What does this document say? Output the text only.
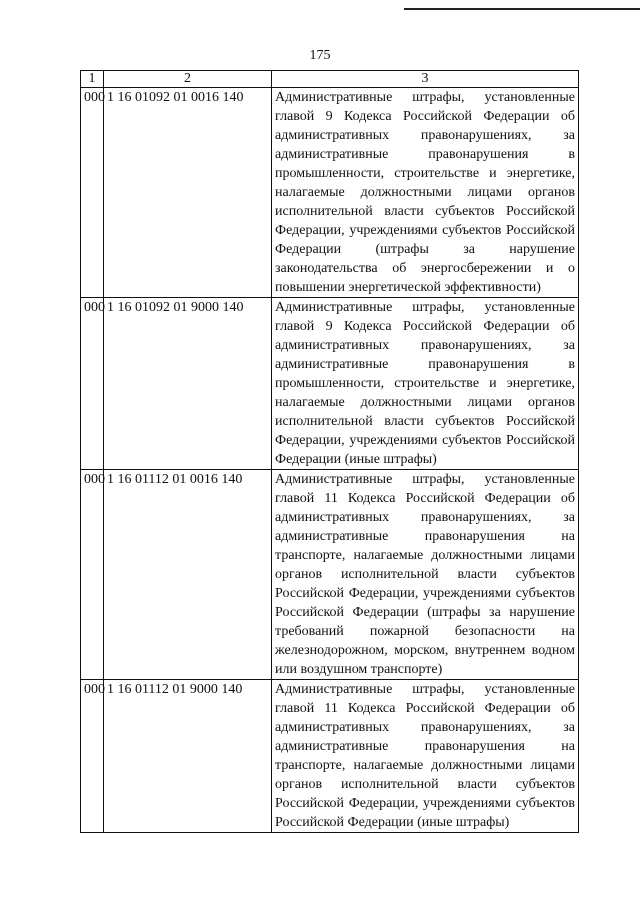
175
1	2	3
000	1 16 01092 01 0016 140	Административные штрафы, установленные главой 9 Кодекса Российской Федерации об административных правонарушениях, за административные правонарушения в промышленности, строительстве и энергетике, налагаемые должностными лицами органов исполнительной власти субъектов Российской Федерации, учреждениями субъектов Российской Федерации (штрафы за нарушение законодательства об энергосбережении и о повышении энергетической эффективности)
000	1 16 01092 01 9000 140	Административные штрафы, установленные главой 9 Кодекса Российской Федерации об административных правонарушениях, за административные правонарушения в промышленности, строительстве и энергетике, налагаемые должностными лицами органов исполнительной власти субъектов Российской Федерации, учреждениями субъектов Российской Федерации (иные штрафы)
000	1 16 01112 01 0016 140	Административные штрафы, установленные главой 11 Кодекса Российской Федерации об административных правонарушениях, за административные правонарушения на транспорте, налагаемые должностными лицами органов исполнительной власти субъектов Российской Федерации, учреждениями субъектов Российской Федерации (штрафы за нарушение требований пожарной безопасности на железнодорожном, морском, внутреннем водном или воздушном транспорте)
000	1 16 01112 01 9000 140	Административные штрафы, установленные главой 11 Кодекса Российской Федерации об административных правонарушениях, за административные правонарушения на транспорте, налагаемые должностными лицами органов исполнительной власти субъектов Российской Федерации, учреждениями субъектов Российской Федерации (иные штрафы)
